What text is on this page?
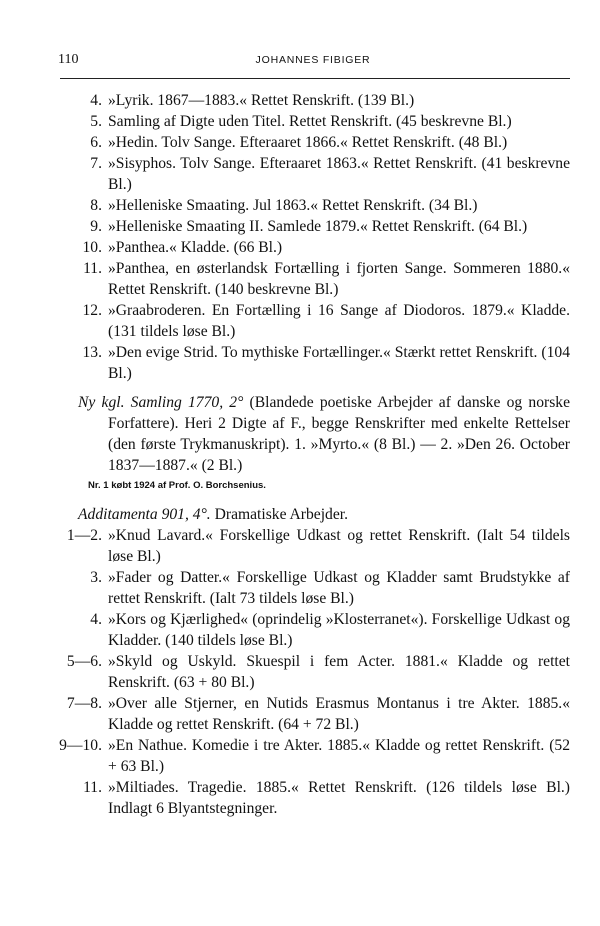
110	JOHANNES FIBIGER
4. »Lyrik. 1867—1883.« Rettet Renskrift. (139 Bl.)
5. Samling af Digte uden Titel. Rettet Renskrift. (45 beskrevne Bl.)
6. »Hedin. Tolv Sange. Efteraaret 1866.« Rettet Renskrift. (48 Bl.)
7. »Sisyphos. Tolv Sange. Efteraaret 1863.« Rettet Renskrift. (41 beskrevne Bl.)
8. »Helleniske Smaating. Jul 1863.« Rettet Renskrift. (34 Bl.)
9. »Helleniske Smaating II. Samlede 1879.« Rettet Renskrift. (64 Bl.)
10. »Panthea.« Kladde. (66 Bl.)
11. »Panthea, en østerlandsk Fortælling i fjorten Sange. Sommeren 1880.« Rettet Renskrift. (140 beskrevne Bl.)
12. »Graabroderen. En Fortælling i 16 Sange af Diodoros. 1879.« Kladde. (131 tildels løse Bl.)
13. »Den evige Strid. To mythiske Fortællinger.« Stærkt rettet Renskrift. (104 Bl.)
Ny kgl. Samling 1770, 2° (Blandede poetiske Arbejder af danske og norske Forfattere). Heri 2 Digte af F., begge Renskrifter med enkelte Rettelser (den første Trykmanuskript). 1. »Myrto.« (8 Bl.) — 2. »Den 26. October 1837—1887.« (2 Bl.)
Nr. 1 købt 1924 af Prof. O. Borchsenius.
Additamenta 901, 4°. Dramatiske Arbejder.
1—2. »Knud Lavard.« Forskellige Udkast og rettet Renskrift. (Ialt 54 tildels løse Bl.)
3. »Fader og Datter.« Forskellige Udkast og Kladder samt Brudstykke af rettet Renskrift. (Ialt 73 tildels løse Bl.)
4. »Kors og Kjærlighed« (oprindelig »Klosterranet«). Forskellige Udkast og Kladder. (140 tildels løse Bl.)
5—6. »Skyld og Uskyld. Skuespil i fem Acter. 1881.« Kladde og rettet Renskrift. (63 + 80 Bl.)
7—8. »Over alle Stjerner, en Nutids Erasmus Montanus i tre Akter. 1885.« Kladde og rettet Renskrift. (64 + 72 Bl.)
9—10. »En Nathue. Komedie i tre Akter. 1885.« Kladde og rettet Renskrift. (52 + 63 Bl.)
11. »Miltiades. Tragedie. 1885.« Rettet Renskrift. (126 tildels løse Bl.) Indlagt 6 Blyantstegninger.
